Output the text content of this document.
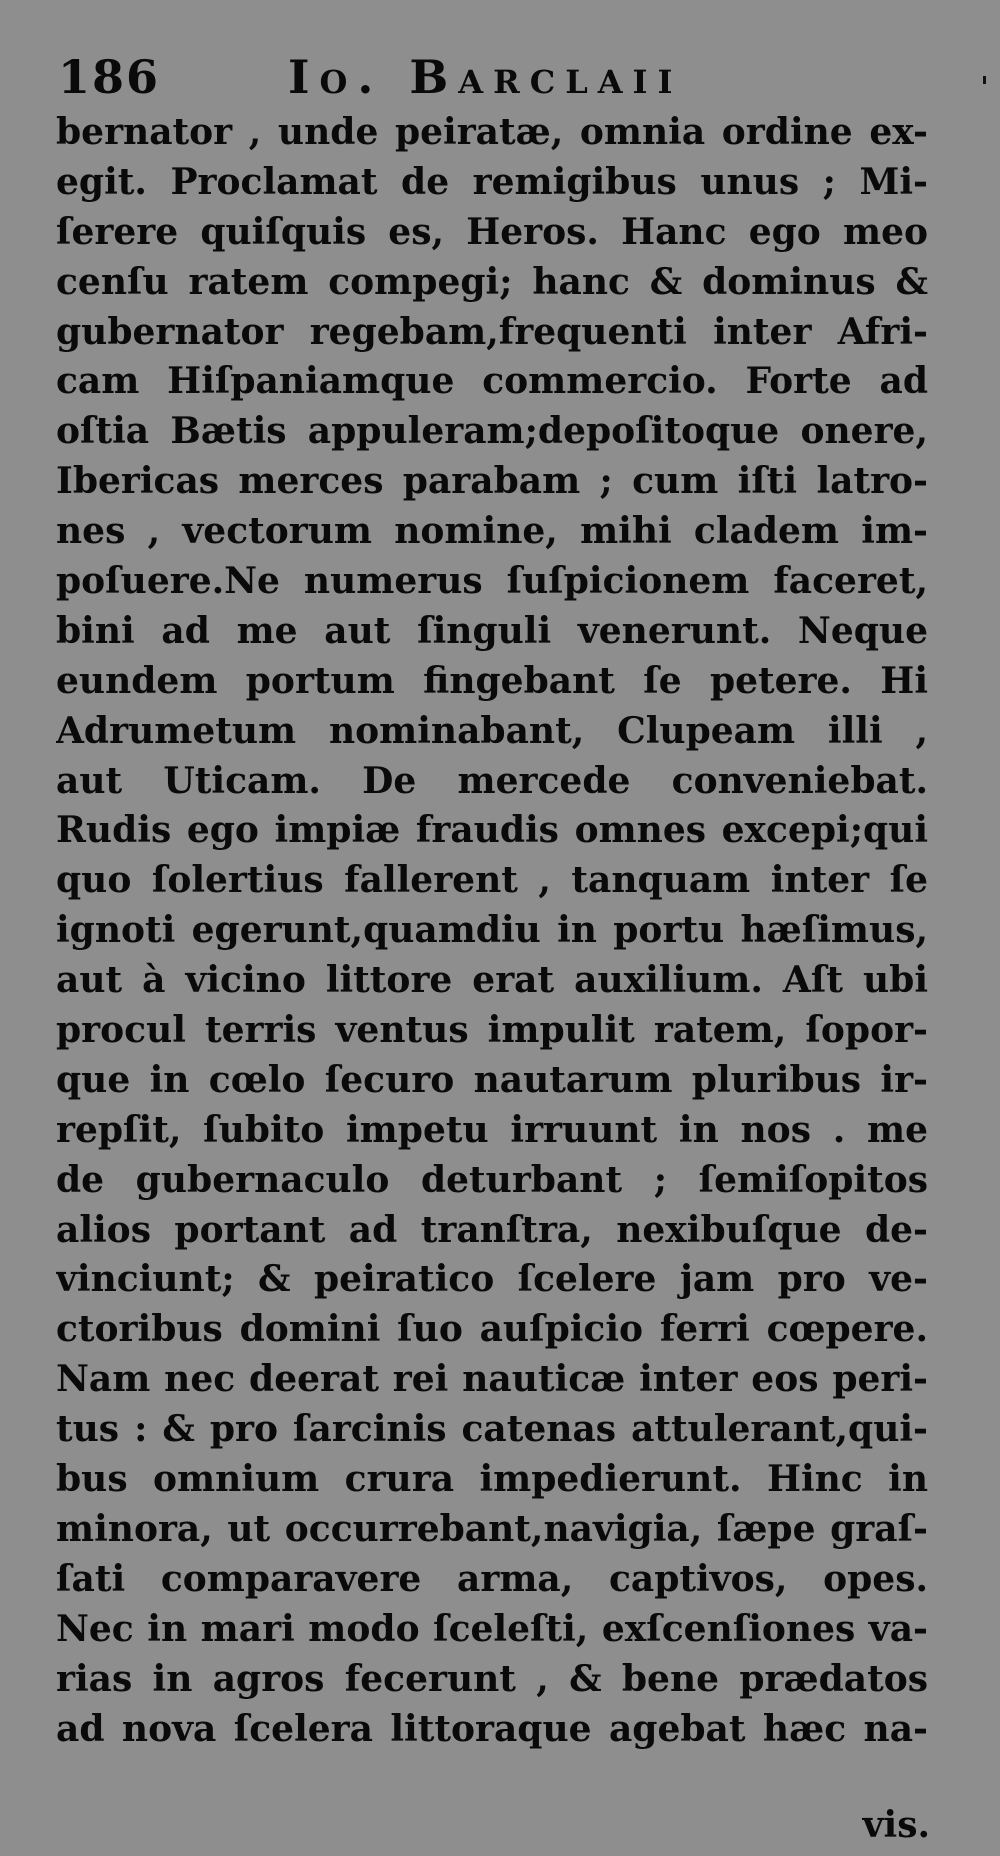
186	Io. Barclaii
bernator , unde peiratæ, omnia ordine ex-
egit. Proclamat de remigibus unus ; Mi-
ſerere quiſquis es, Heros. Hanc ego meo
cenſu ratem compegi; hanc & dominus &
gubernator regebam,frequenti inter Afri-
cam Hiſpaniamque commercio. Forte ad
oſtia Bætis appuleram;depoſitoque onere,
Ibericas merces parabam ; cum iſti latro-
nes , vectorum nomine, mihi cladem im-
poſuere.Ne numerus ſuſpicionem faceret,
bini ad me aut ſinguli venerunt. Neque
eundem portum fingebant ſe petere. Hi
Adrumetum nominabant, Clupeam illi ,
aut Uticam. De mercede conveniebat.
Rudis ego impiæ fraudis omnes excepi;qui
quo ſolertius fallerent , tanquam inter ſe
ignoti egerunt,quamdiu in portu hæſimus,
aut à vicino littore erat auxilium. Aſt ubi
procul terris ventus impulit ratem, ſopor-
que in cœlo ſecuro nautarum pluribus ir-
repſit, ſubito impetu irruunt in nos . me
de gubernaculo deturbant ; ſemiſopitos
alios portant ad tranſtra, nexibuſque de-
vinciunt; & peiratico ſcelere jam pro ve-
ctoribus domini ſuo auſpicio ferri cœpere.
Nam nec deerat rei nauticæ inter eos peri-
tus : & pro ſarcinis catenas attulerant,qui-
bus omnium crura impedierunt. Hinc in
minora, ut occurrebant,navigia, ſæpe graſ-
ſati comparavere arma, captivos, opes.
Nec in mari modo ſceleſti, exſcenſiones va-
rias in agros fecerunt , & bene prædatos
ad nova ſcelera littoraque agebat hæc na-
vis.
